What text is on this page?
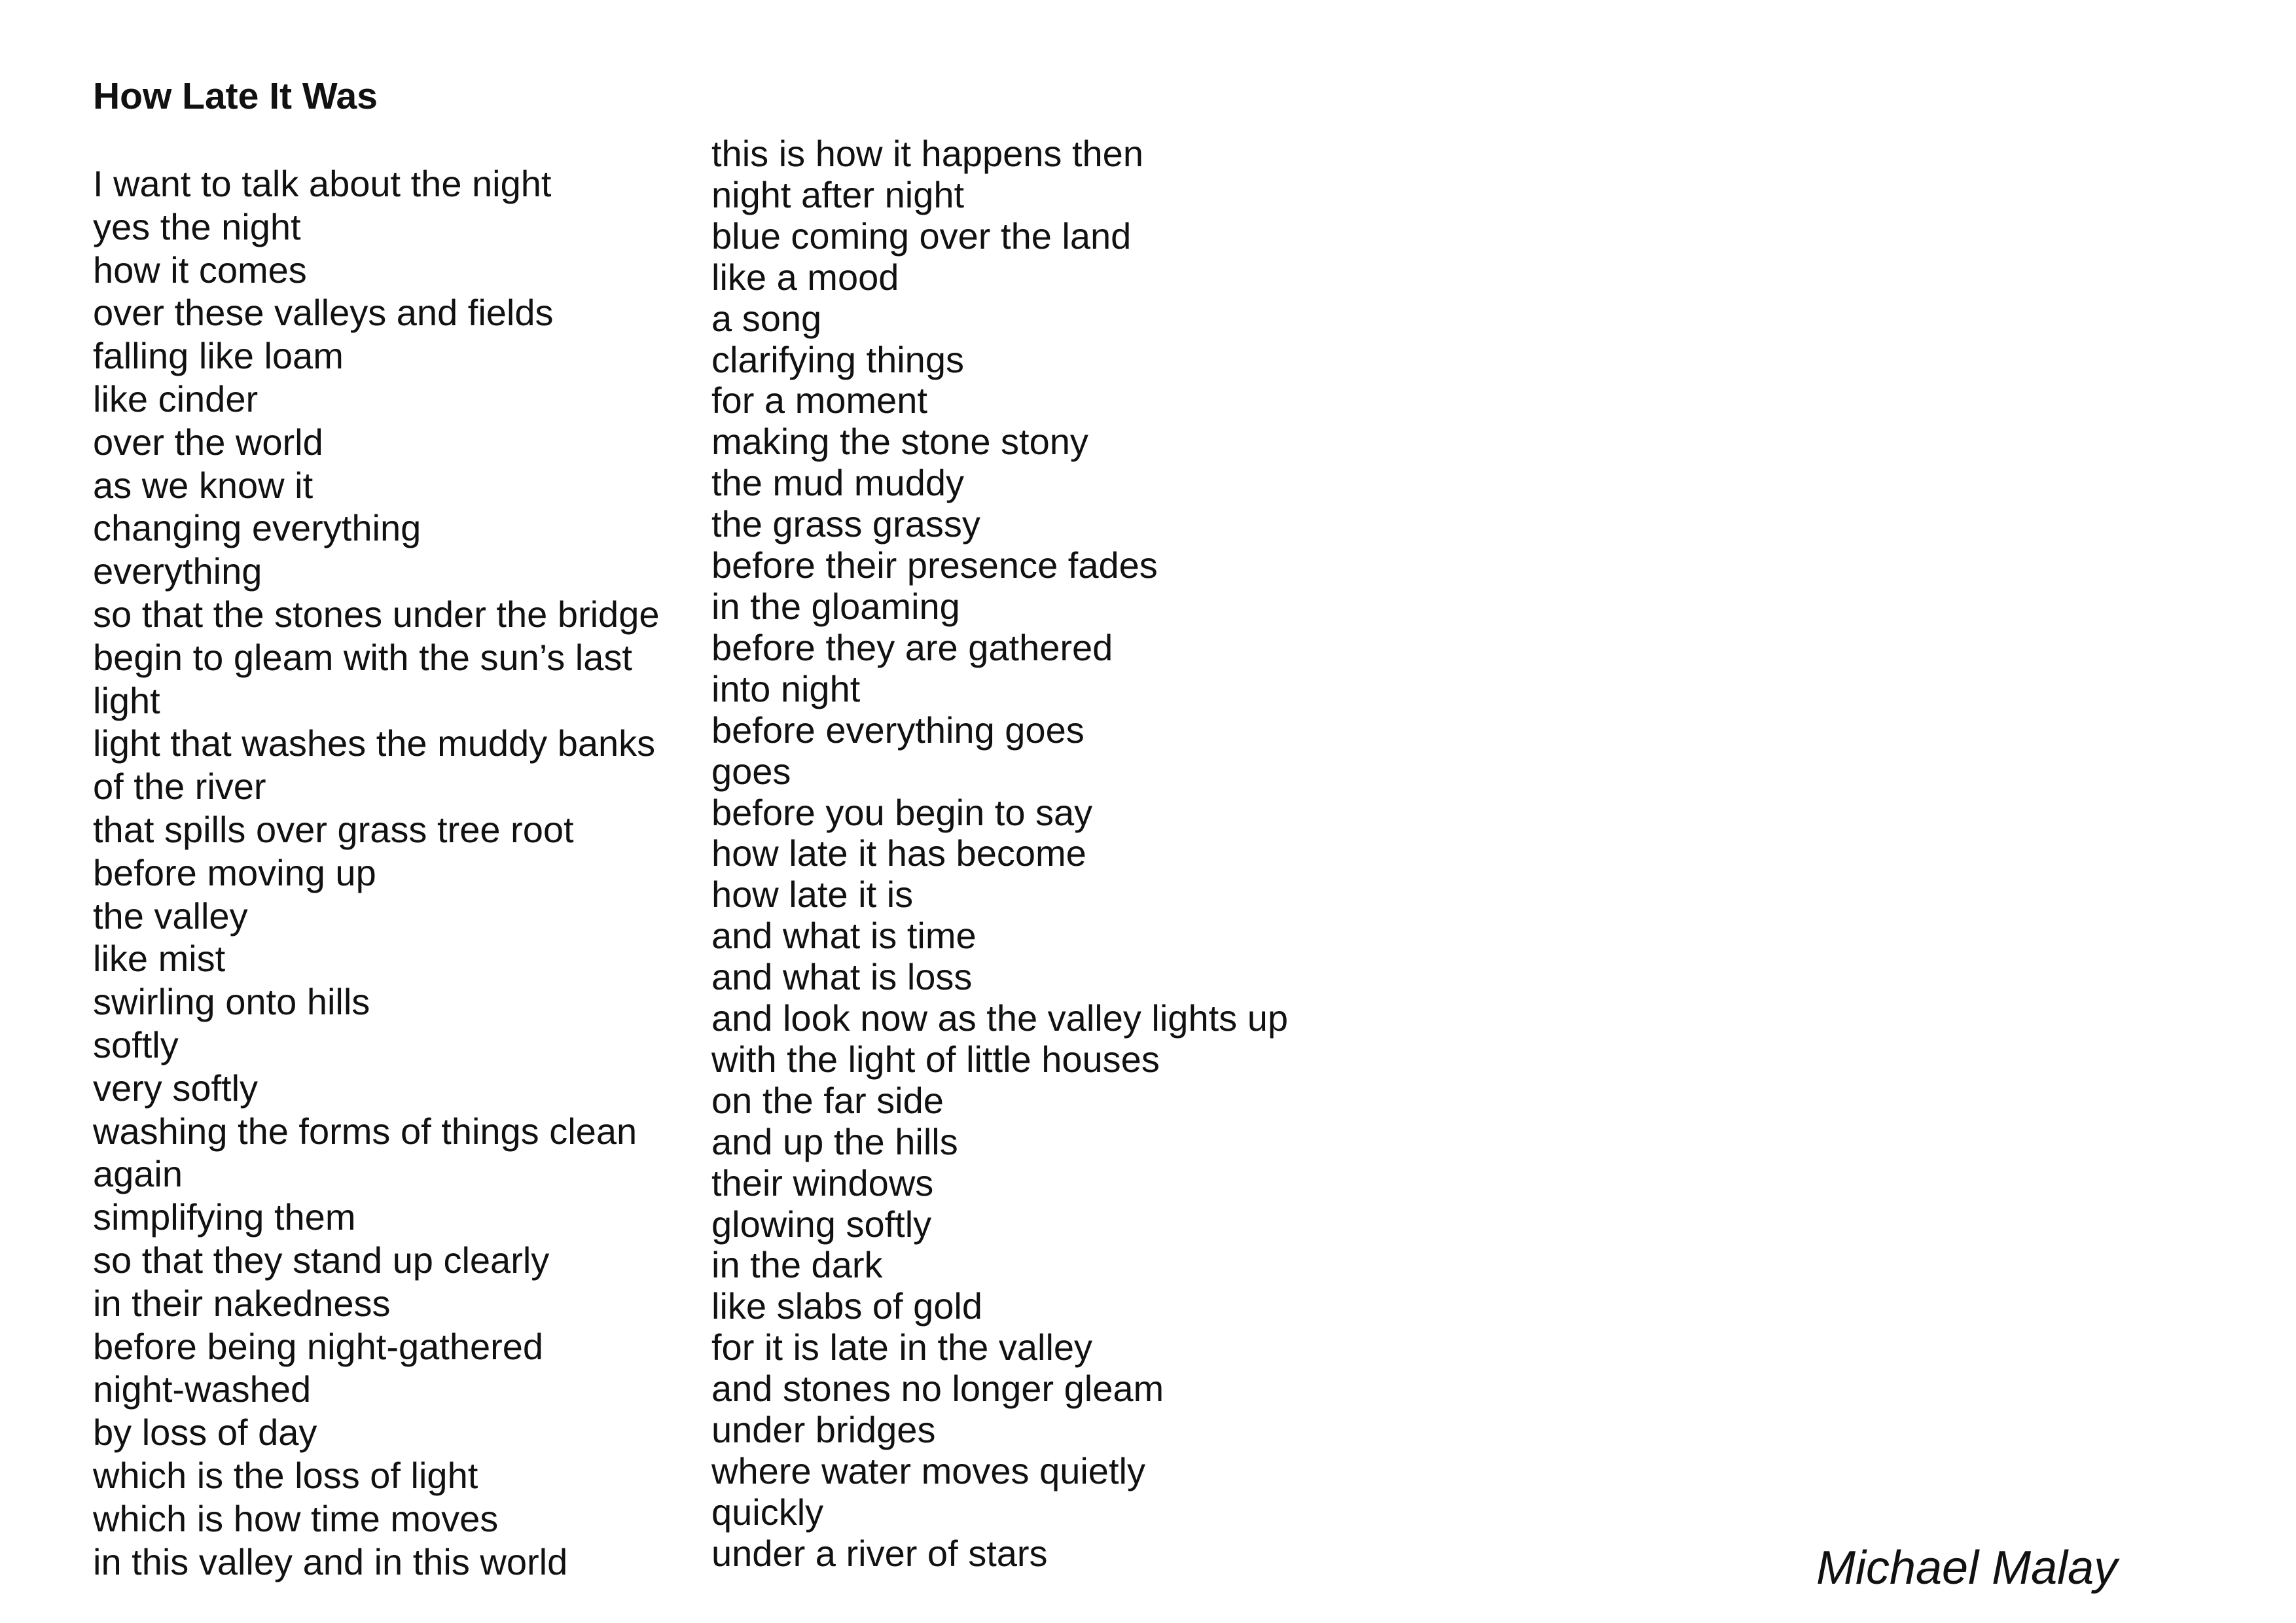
How Late It Was
I want to talk about the night
yes the night
how it comes
over these valleys and fields
falling like loam
like cinder
over the world
as we know it
changing everything
everything
so that the stones under the bridge
begin to gleam with the sun’s last
light
light that washes the muddy banks
of the river
that spills over grass tree root
before moving up
the valley
like mist
swirling onto hills
softly
very softly
washing the forms of things clean
again
simplifying them
so that they stand up clearly
in their nakedness
before being night-gathered
night-washed
by loss of day
which is the loss of light
which is how time moves
in this valley and in this world
this is how it happens then
night after night
blue coming over the land
like a mood
a song
clarifying things
for a moment
making the stone stony
the mud muddy
the grass grassy
before their presence fades
in the gloaming
before they are gathered
into night
before everything goes
goes
before you begin to say
how late it has become
how late it is
and what is time
and what is loss
and look now as the valley lights up
with the light of little houses
on the far side
and up the hills
their windows
glowing softly
in the dark
like slabs of gold
for it is late in the valley
and stones no longer gleam
under bridges
where water moves quietly
quickly
under a river of stars	Michael Malay
